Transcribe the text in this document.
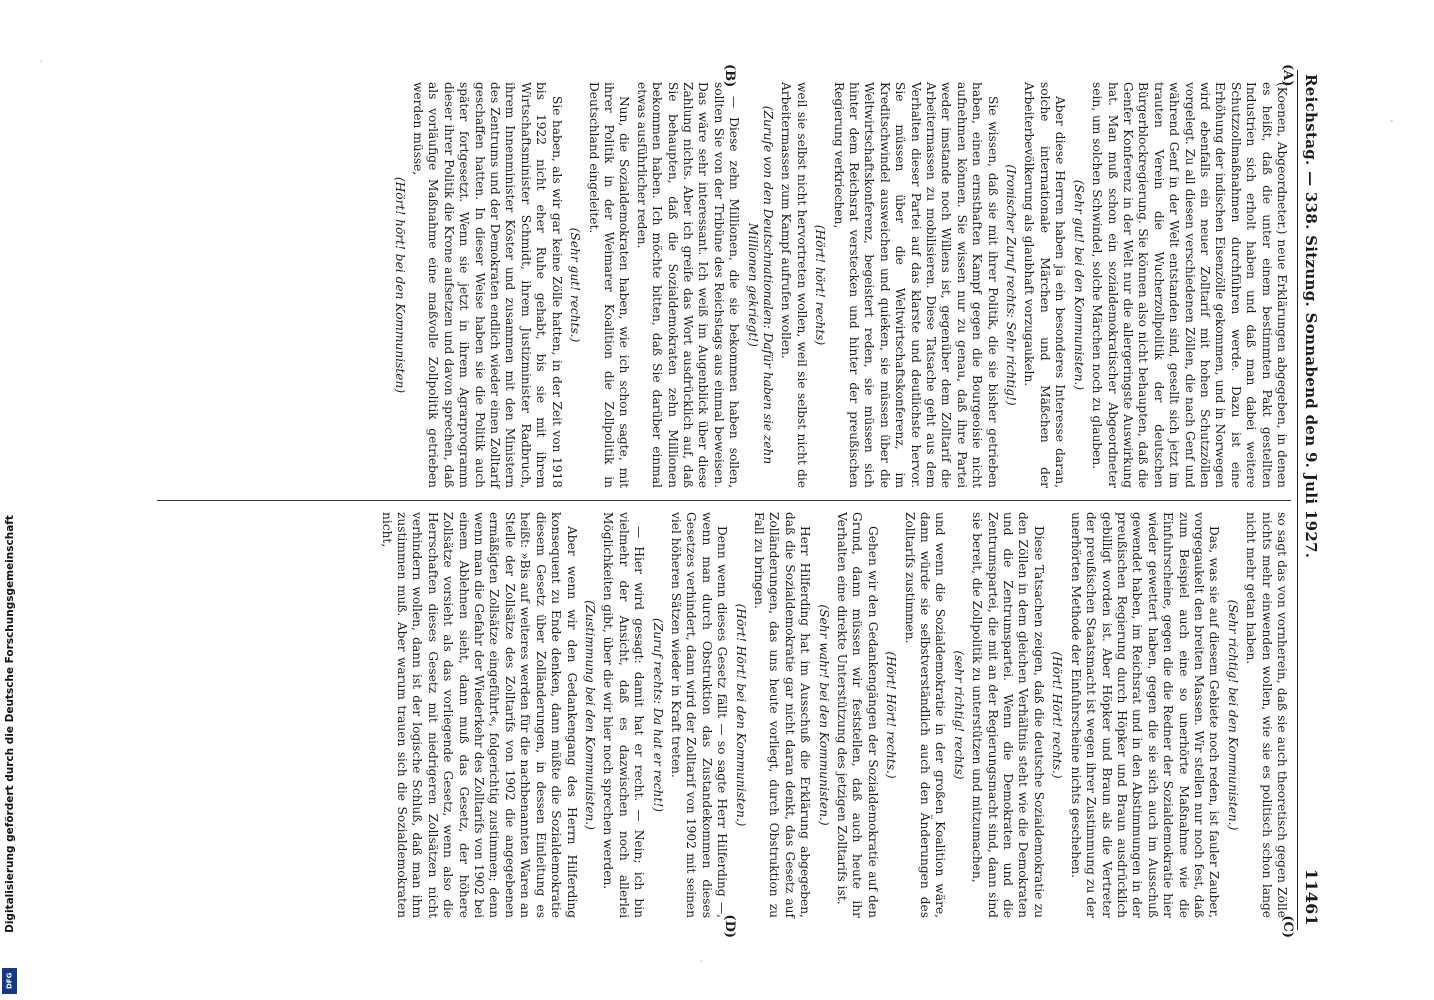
Reichstag. — 338. Sitzung. Sonnabend den 9. Juli 1927.
11461
(A)
(B)
(C)
(D)

(Koenen, Abgeordneter.) neue Erklärungen abgegeben, in denen es heißt, daß die unter einem bestimmten Pakt gestellten Industrien sich erholt haben und daß man dabei weitere Schutzzollmaßnahmen durchführen werde. Dazu ist eine Erhöhung der indischen Eisenzölle gekommen, und in Norwegen wird ebenfalls ein neuer Zolltarif mit hohen Schutzzöllen vorgelegt. Zu all diesen verschiedenen Zöllen, die nach Genf und während Genf in der Welt entstanden sind, gesellt sich jetzt im trauten Verein die Wucherzollpolitik der deutschen Bürgerblockregierung. Sie können also nicht behaupten, daß die Genfer Konferenz in der Welt nur die allergeringste Auswirkung hat. Man muß schon ein sozialdemokratischer Abgeordneter sein, um solchen Schwindel, solche Märchen noch zu glauben.

(Sehr gut! bei den Kommunisten.)

Aber diese Herren haben ja ein besonderes Interesse daran, solche internationale Märchen und Mäßchen der Arbeiterbevölkerung als glaubhaft vorzugaukeln.

(Ironischer Zuruf rechts: Sehr richtig!)

Sie wissen, daß sie mit ihrer Politik, die sie bisher getrieben haben, einen ernsthaften Kampf gegen die Bourgeoisie nicht aufnehmen können. Sie wissen nur zu genau, daß ihre Partei weder imstande noch Willens ist, gegenüber dem Zolltarif die Arbeitermassen zu mobilisieren. Diese Tatsache geht aus dem Verhalten dieser Partei auf das klarste und deutlichste hervor. Sie müssen über die Weltwirtschaftskonferenz, im Kreditschwindel ausweichen und quieken, sie müssen über die Weltwirtschaftskonferenz, begeistert reden, sie müssen sich hinter dem Reichsrat verstecken und hinter der preußischen Regierung verkriechen,

(Hört! hört! rechts)

weil sie selbst nicht hervortreten wollen, weil sie selbst nicht die Arbeitermassen zum Kampf aufrufen wollen.

(Zurufe von den Deutschnationalen: Dafür haben sie zehn Millionen gekriegt!)

— Diese zehn Millionen, die sie bekommen haben sollen, sollten Sie von der Tribüne des Reichstags aus einmal beweisen. Das wäre sehr interessant. Ich weiß im Augenblick über diese Zahlung nichts. Aber ich greife das Wort ausdrücklich auf, daß Sie behaupten, daß die Sozialdemokraten zehn Millionen bekommen haben. Ich möchte bitten, daß Sie darüber einmal etwas ausführlicher reden.

Nun, die Sozialdemokraten haben, wie ich schon sagte, mit ihrer Politik in der Weimarer Koalition die Zollpolitik in Deutschland eingeleitet.

(Sehr gut! rechts.)

Sie haben, als wir gar keine Zölle hatten, in der Zeit von 1918 bis 1922 nicht eher Ruhe gehabt, bis sie mit ihrem Wirtschaftsminister Schmidt, ihrem Justizminister Radbruch, ihrem Innenminister Köster und zusammen mit den Ministern des Zentrums und der Demokraten endlich wieder einen Zolltarif geschaffen hatten. In dieser Weise haben sie die Politik auch später fortgesetzt. Wenn sie jetzt in ihrem Agrarprogramm dieser ihrer Politik die Krone aufsetzen und davon sprechen, daß als vorläufige Maßnahme eine maßvolle Zollpolitik getrieben werden müsse,

(Hört! hört! bei den Kommunisten)

so sagt das von vornherein, daß sie auch theoretisch gegen Zölle nichts mehr einwenden wollen, wie sie es politisch schon lange nicht mehr getan haben.

(Sehr richtig! bei den Kommunisten.)

Das, was sie auf diesem Gebiete noch reden, ist fauler Zauber, vorgegaukelt den breiten Massen. Wir stellen nur noch fest, daß zum Beispiel auch eine so unerhörte Maßnahme wie die Einfuhrscheine, gegen die die Redner der Sozialdemokratie hier wieder gewettert haben, gegen die sie sich auch im Ausschuß gewendet haben, im Reichsrat und in den Abstimmungen in der preußischen Regierung durch Höpker und Braun ausdrücklich gebilligt worden ist. Aber Höpker und Braun als die Vertreter der preußischen Staatsmacht ist wegen ihrer Zustimmung zu der unerhörten Methode der Einfuhrscheine nichts geschehen.

(Hört! Hört! rechts.)

Diese Tatsachen zeigen, daß die deutsche Sozialdemokratie zu den Zöllen in dem gleichen Verhältnis steht wie die Demokraten und die Zentrumspartei. Wenn die Demokraten und die Zentrumspartei, die mit an der Regierungsmacht sind, dann sind sie bereit, die Zollpolitik zu unterstützen und mitzumachen,

(sehr richtig! rechts)

und wenn die Sozialdemokratie in der großen Koalition wäre, dann würde sie selbstverständlich auch den Änderungen des Zolltarifs zustimmen.

(Hört! Hört! rechts.)

Gehen wir den Gedankengängen der Sozialdemokratie auf den Grund, dann müssen wir feststellen, daß auch heute ihr Verhalten eine direkte Unterstützung des jetzigen Zolltarifs ist.

(Sehr wahr! bei den Kommunisten.)

Herr Hilferding hat im Ausschuß die Erklärung abgegeben, daß die Sozialdemokratie gar nicht daran denkt, das Gesetz auf Zolländerungen, das uns heute vorliegt, durch Obstruktion zu Fall zu bringen.

(Hört! Hört! bei den Kommunisten.)

Denn wenn dieses Gesetz fällt — so sagte Herr Hilferding —, wenn man durch Obstruktion das Zustandekommen dieses Gesetzes verhindert, dann wird der Zolltarif von 1902 mit seinen viel höheren Sätzen wieder in Kraft treten.

(Zuruf rechts: Da hat er recht!)

— Hier wird gesagt: damit hat er recht. — Nein; ich bin vielmehr der Ansicht, daß es dazwischen noch allerlei Möglichkeiten gibt, über die wir hier noch sprechen werden.

(Zustimmung bei den Kommunisten.)

Aber wenn wir den Gedankengang des Herrn Hilferding konsequent zu Ende denken, dann müßte die Sozialdemokratie diesem Gesetz über Zolländerungen, in dessen Einleitung es heißt: »Bis auf weiteres werden für die nachbenannten Waren an Stelle der Zollsätze des Zolltarifs von 1902 die angegebenen ermäßigten Zollsätze eingeführt«, folgerichtig zustimmen; denn wenn man die Gefahr der Wiederkehr des Zolltarifs von 1902 bei einem Ablehnen sieht, dann muß das Gesetz, der höhere Zollsätze vorsieht als das vorliegende Gesetz, wenn also die Herrschaften dieses Gesetz mit niedrigeren Zollsätzen nicht verhindern wollen, dann ist der logische Schluß, daß man ihm zustimmen muß. Aber warum trauen sich die Sozialdemokraten nicht,

Digitalisierung gefördert durch die Deutsche Forschungsgemeinschaft
DFG
